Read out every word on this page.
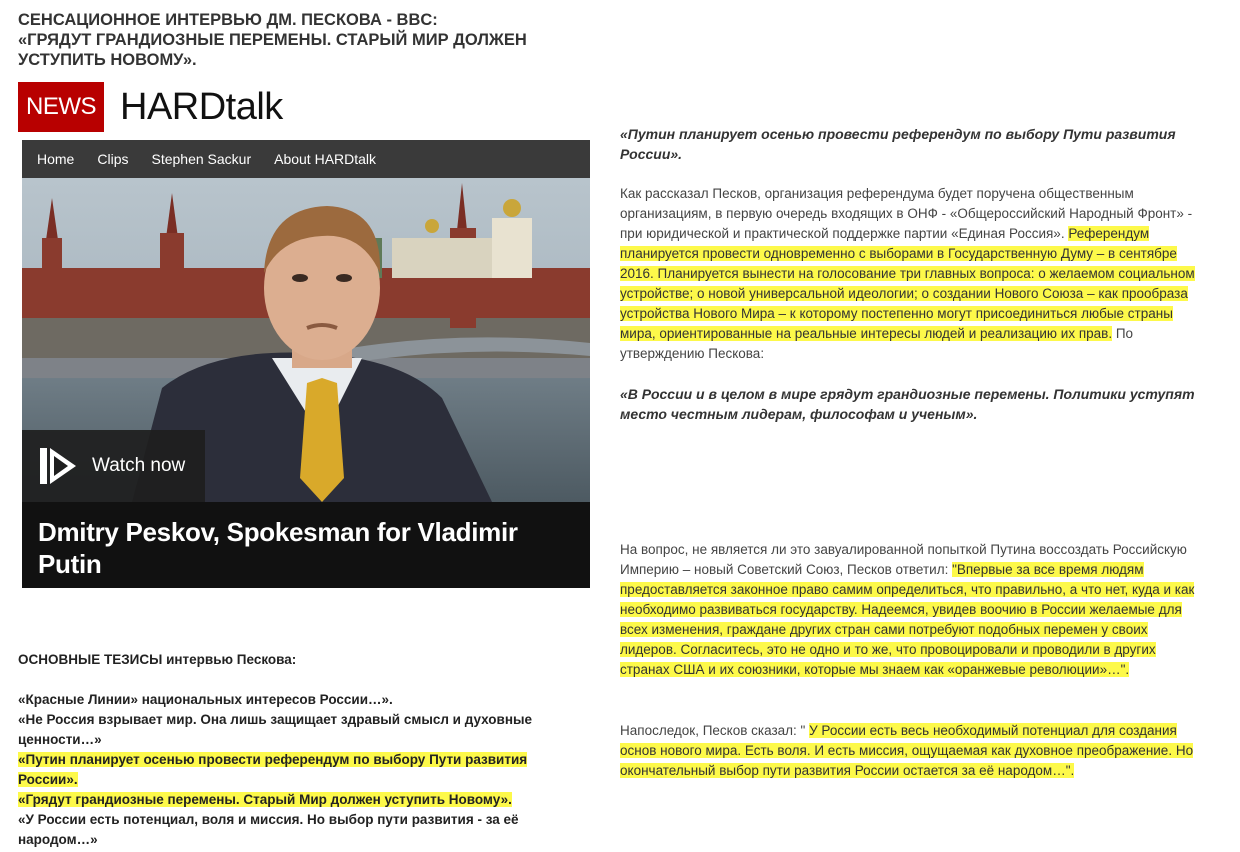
СЕНСАЦИОННОЕ ИНТЕРВЬЮ ДМ. ПЕСКОВА - BBC:
«ГРЯДУТ ГРАНДИОЗНЫЕ ПЕРЕМЕНЫ. СТАРЫЙ МИР ДОЛЖЕН
УСТУПИТЬ НОВОМУ».
NEWS HARDtalk
Home Clips Stephen Sackur About HARDtalk
Watch now
Dmitry Peskov, Spokesman for Vladimir Putin
ОСНОВНЫЕ ТЕЗИСЫ интервью Пескова:

«Красные Линии» национальных интересов России…».

«Не Россия взрывает мир. Она лишь защищает здравый смысл и духовные ценности…»

«Путин планирует осенью провести референдум по выбору Пути развития России».

«Грядут грандиозные перемены. Старый Мир должен уступить Новому».

«У России есть потенциал, воля и миссия. Но выбор пути развития - за её народом…»

«Путин планирует осенью провести референдум по выбору Пути развития России».
Как рассказал Песков, организация референдума будет поручена общественным организациям, в первую очередь входящих в ОНФ - «Общероссийский Народный Фронт» - при юридической и практической поддержке партии «Единая Россия». Референдум планируется провести одновременно с выборами в Государственную Думу – в сентябре 2016. Планируется вынести на голосование три главных вопроса: о желаемом социальном устройстве; о новой универсальной идеологии; о создании Нового Союза – как прообраза устройства Нового Мира – к которому постепенно могут присоединиться любые страны мира, ориентированные на реальные интересы людей и реализацию их прав. По утверждению Пескова:
«В России и в целом в мире грядут грандиозные перемены. Политики уступят место честным лидерам, философам и ученым».
На вопрос, не является ли это завуалированной попыткой Путина воссоздать Российскую Империю – новый Советский Союз, Песков ответил: "Впервые за все время людям предоставляется законное право самим определиться, что правильно, а что нет, куда и как необходимо развиваться государству. Надеемся, увидев воочию в России желаемые для всех изменения, граждане других стран сами потребуют подобных перемен у своих лидеров. Согласитесь, это не одно и то же, что провоцировали и проводили в других странах США и их союзники, которые мы знаем как «оранжевые революции»…".
Напоследок, Песков сказал: " У России есть весь необходимый потенциал для создания основ нового мира. Есть воля. И есть миссия, ощущаемая как духовное преображение. Но окончательный выбор пути развития России остается за её народом…".
